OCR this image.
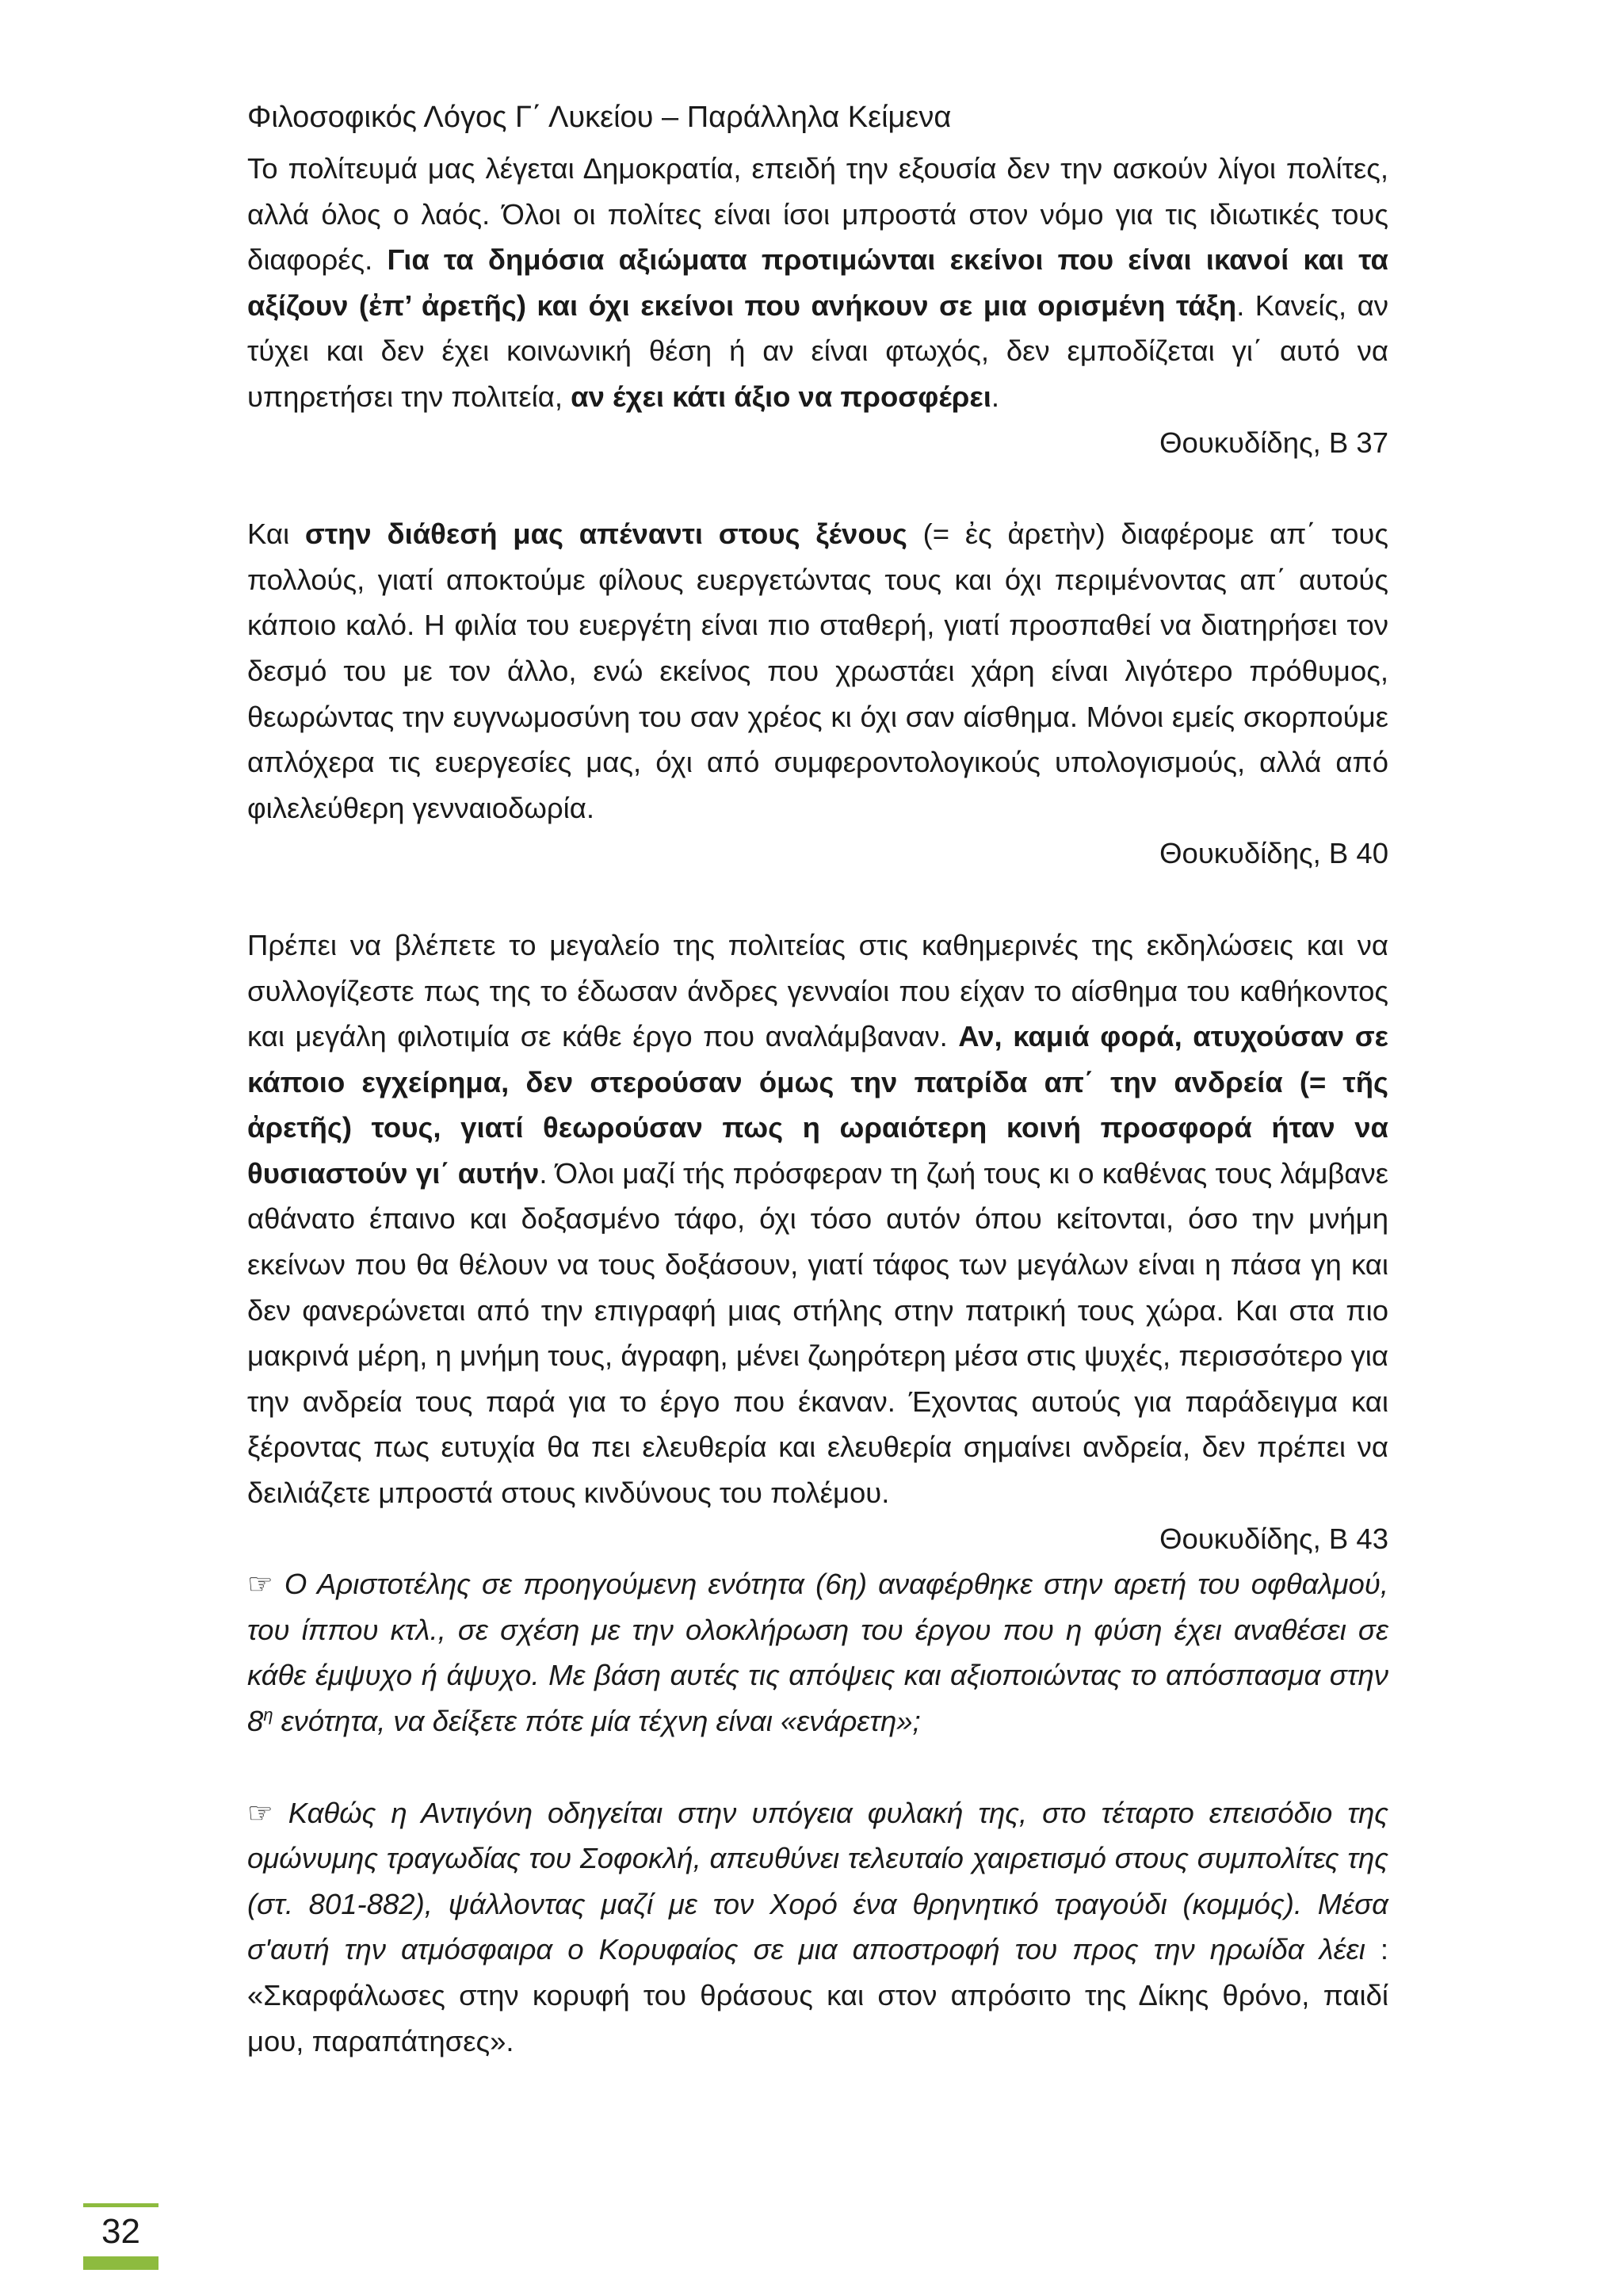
Φιλοσοφικός Λόγος Γ΄ Λυκείου – Παράλληλα Κείμενα

Το πολίτευμά μας λέγεται Δημοκρατία, επειδή την εξουσία δεν την ασκούν λίγοι πολίτες, αλλά όλος ο λαός. Όλοι οι πολίτες είναι ίσοι μπροστά στον νόμο για τις ιδιωτικές τους διαφορές. Για τα δημόσια αξιώματα προτιμώνται εκείνοι που είναι ικανοί και τα αξίζουν (ἐπ’ ἀρετῆς) και όχι εκείνοι που ανήκουν σε μια ορισμένη τάξη. Κανείς, αν τύχει και δεν έχει κοινωνική θέση ή αν είναι φτωχός, δεν εμποδίζεται γι΄ αυτό να υπηρετήσει την πολιτεία, αν έχει κάτι άξιο να προσφέρει.

Θουκυδίδης, Β 37

Και στην διάθεσή μας απέναντι στους ξένους (= ἐς ἀρετὴν) διαφέρομε απ΄ τους πολλούς, γιατί αποκτούμε φίλους ευεργετώντας τους και όχι περιμένοντας απ΄ αυτούς κάποιο καλό. Η φιλία του ευεργέτη είναι πιο σταθερή, γιατί προσπαθεί να διατηρήσει τον δεσμό του με τον άλλο, ενώ εκείνος που χρωστάει χάρη είναι λιγότερο πρόθυμος, θεωρώντας την ευγνωμοσύνη του σαν χρέος κι όχι σαν αίσθημα. Μόνοι εμείς σκορπούμε απλόχερα τις ευεργεσίες μας, όχι από συμφεροντολογικούς υπολογισμούς, αλλά από φιλελεύθερη γενναιοδωρία.

Θουκυδίδης, Β 40

Πρέπει να βλέπετε το μεγαλείο της πολιτείας στις καθημερινές της εκδηλώσεις και να συλλογίζεστε πως της το έδωσαν άνδρες γενναίοι που είχαν το αίσθημα του καθήκοντος και μεγάλη φιλοτιμία σε κάθε έργο που αναλάμβαναν. Αν, καμιά φορά, ατυχούσαν σε κάποιο εγχείρημα, δεν στερούσαν όμως την πατρίδα απ΄ την ανδρεία (= τῆς ἀρετῆς) τους, γιατί θεωρούσαν πως η ωραιότερη κοινή προσφορά ήταν να θυσιαστούν γι΄ αυτήν. Όλοι μαζί τής πρόσφεραν τη ζωή τους κι ο καθένας τους λάμβανε αθάνατο έπαινο και δοξασμένο τάφο, όχι τόσο αυτόν όπου κείτονται, όσο την μνήμη εκείνων που θα θέλουν να τους δοξάσουν, γιατί τάφος των μεγάλων είναι η πάσα γη και δεν φανερώνεται από την επιγραφή μιας στήλης στην πατρική τους χώρα. Και στα πιο μακρινά μέρη, η μνήμη τους, άγραφη, μένει ζωηρότερη μέσα στις ψυχές, περισσότερο για την ανδρεία τους παρά για το έργο που έκαναν. Έχοντας αυτούς για παράδειγμα και ξέροντας πως ευτυχία θα πει ελευθερία και ελευθερία σημαίνει ανδρεία, δεν πρέπει να δειλιάζετε μπροστά στους κινδύνους του πολέμου.

Θουκυδίδης, Β 43

☞ Ο Αριστοτέλης σε προηγούμενη ενότητα (6η) αναφέρθηκε στην αρετή του οφθαλμού, του ίππου κτλ., σε σχέση με την ολοκλήρωση του έργου που η φύση έχει αναθέσει σε κάθε έμψυχο ή άψυχο. Με βάση αυτές τις απόψεις και αξιοποιώντας το απόσπασμα στην $8^\eta$ ενότητα, να δείξετε πότε μία τέχνη είναι «ενάρετη»;

☞ Καθώς η Αντιγόνη οδηγείται στην υπόγεια φυλακή της, στο τέταρτο επεισόδιο της ομώνυμης τραγωδίας του Σοφοκλή, απευθύνει τελευταίο χαιρετισμό στους συμπολίτες της (στ. 801-882), ψάλλοντας μαζί με τον Χορό ένα θρηνητικό τραγούδι (κομμός). Μέσα σ'αυτή την ατμόσφαιρα ο Κορυφαίος σε μια αποστροφή του προς την ηρωίδα λέει : «Σκαρφάλωσες στην κορυφή του θράσους και στον απρόσιτο της Δίκης θρόνο, παιδί μου, παραπάτησες».

32
